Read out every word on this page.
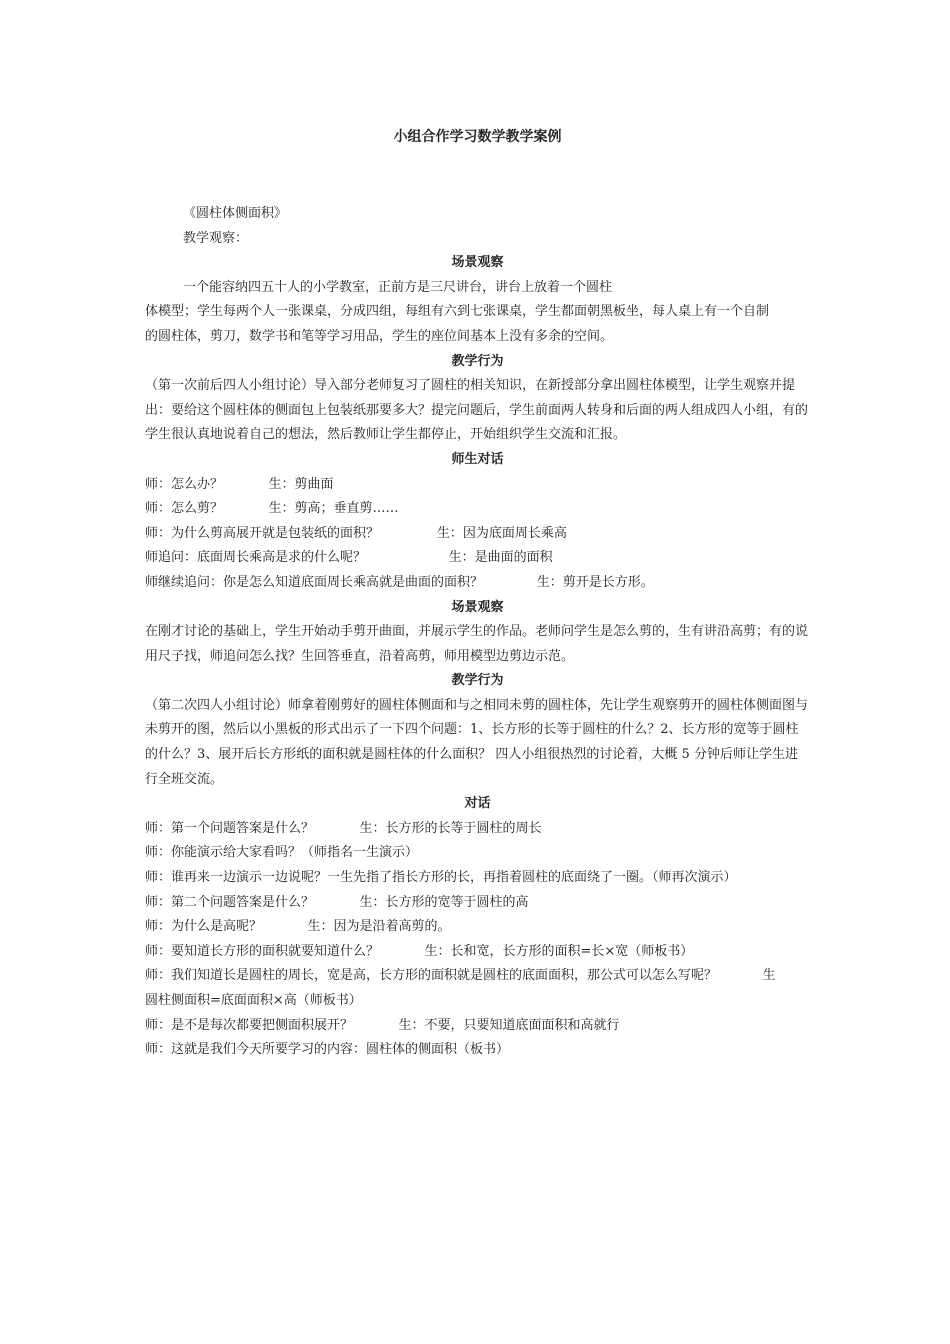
小组合作学习数学教学案例

《圆柱体侧面积》

教学观察：

场景观察

一个能容纳四五十人的小学教室，正前方是三尺讲台，讲台上放着一个圆柱

体模型；学生每两个人一张课桌，分成四组，每组有六到七张课桌，学生都面朝黑板坐，每人桌上有一个自制

的圆柱体，剪刀，数学书和笔等学习用品，学生的座位间基本上没有多余的空间。

教学行为

（第一次前后四人小组讨论）导入部分老师复习了圆柱的相关知识，在新授部分拿出圆柱体模型，让学生观察并提出：要给这个圆柱体的侧面包上包装纸那要多大？提完问题后，学生前面两人转身和后面的两人组成四人小组，有的学生很认真地说着自己的想法，然后教师让学生都停止，开始组织学生交流和汇报。

师生对话

师：怎么办？           生：剪曲面

师：怎么剪？           生：剪高；垂直剪……

师：为什么剪高展开就是包装纸的面积？              生：因为底面周长乘高

师追问：底面周长乘高是求的什么呢？                    生：是曲面的面积

师继续追问：你是怎么知道底面周长乘高就是曲面的面积？             生：剪开是长方形。

场景观察

在刚才讨论的基础上，学生开始动手剪开曲面，并展示学生的作品。老师问学生是怎么剪的，生有讲沿高剪；有的说用尺子找，师追问怎么找？生回答垂直，沿着高剪，师用模型边剪边示范。

教学行为

（第二次四人小组讨论）师拿着刚剪好的圆柱体侧面和与之相同未剪的圆柱体，先让学生观察剪开的圆柱体侧面图与未剪开的图，然后以小黑板的形式出示了一下四个问题：1、长方形的长等于圆柱的什么？2、长方形的宽等于圆柱的什么？3、展开后长方形纸的面积就是圆柱体的什么面积？ 四人小组很热烈的讨论着，大概 5 分钟后师让学生进行全班交流。

对话

师：第一个问题答案是什么？           生：长方形的长等于圆柱的周长

师：你能演示给大家看吗？（师指名一生演示）

师：谁再来一边演示一边说呢？一生先指了指长方形的长，再指着圆柱的底面绕了一圈。（师再次演示）

师：第二个问题答案是什么？           生：长方形的宽等于圆柱的高

师：为什么是高呢？           生：因为是沿着高剪的。

师：要知道长方形的面积就要知道什么？           生：长和宽，长方形的面积=长×宽（师板书）

师：我们知道长是圆柱的周长，宽是高，长方形的面积就是圆柱的底面面积，那公式可以怎么写呢？           生

圆柱侧面积=底面面积×高（师板书）

师：是不是每次都要把侧面积展开？           生：不要，只要知道底面面积和高就行

师：这就是我们今天所要学习的内容：圆柱体的侧面积（板书）
